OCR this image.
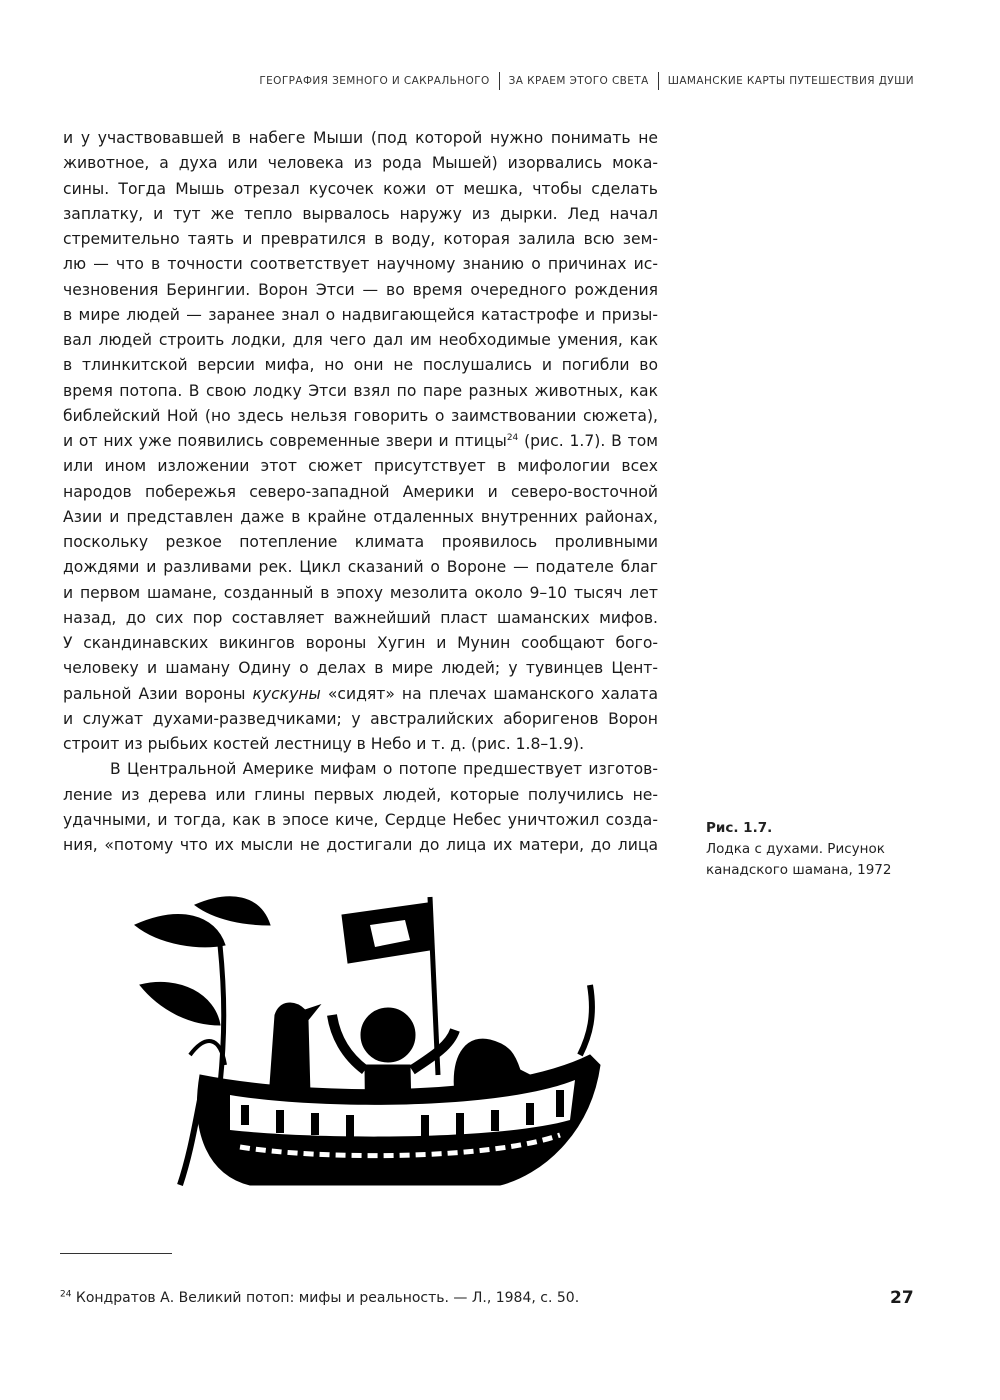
ГЕОГРАФИЯ ЗЕМНОГО И САКРАЛЬНОГО ЗА КРАЕМ ЭТОГО СВЕТА ШАМАНСКИЕ КАРТЫ ПУТЕШЕСТВИЯ ДУШИ
и у участвовавшей в набеге Мыши (под которой нужно понимать не
животное, а духа или человека из рода Мышей) изорвались мока-
сины. Тогда Мышь отрезал кусочек кожи от мешка, чтобы сделать
заплатку, и тут же тепло вырвалось наружу из дырки. Лед начал
стремительно таять и превратился в воду, которая залила всю зем-
лю — что в точности соответствует научному знанию о причинах ис-
чезновения Берингии. Ворон Этси — во время очередного рождения
в мире людей — заранее знал о надвигающейся катастрофе и призы-
вал людей строить лодки, для чего дал им необходимые умения, как
в тлинкитской версии мифа, но они не послушались и погибли во
время потопа. В свою лодку Этси взял по паре разных животных, как
библейский Ной (но здесь нельзя говорить о заимствовании сюжета),
и от них уже появились современные звери и птицы$^{24}$ (рис. 1.7). В том
или ином изложении этот сюжет присутствует в мифологии всех
народов побережья северо-западной Америки и северо-восточной
Азии и представлен даже в крайне отдаленных внутренних районах,
поскольку резкое потепление климата проявилось проливными
дождями и разливами рек. Цикл сказаний о Вороне — подателе благ
и первом шамане, созданный в эпоху мезолита около 9–10 тысяч лет
назад, до сих пор составляет важнейший пласт шаманских мифов.
У скандинавских викингов вороны Хугин и Мунин сообщают бого-
человеку и шаману Одину о делах в мире людей; у тувинцев Цент-
ральной Азии вороны кускуны «сидят» на плечах шаманского халата
и служат духами-разведчиками; у австралийских аборигенов Ворон
строит из рыбьих костей лестницу в Небо и т. д. (рис. 1.8–1.9).
В Центральной Америке мифам о потопе предшествует изготов-
ление из дерева или глины первых людей, которые получились не-
удачными, и тогда, как в эпосе киче, Сердце Небес уничтожил созда-
ния, «потому что их мысли не достигали до лица их матери, до лица
Рис. 1.7.
Лодка с духами. Рисунок
канадского шамана, 1972
$^{24}$ Кондратов А. Великий потоп: мифы и реальность. — Л., 1984, с. 50.	27
